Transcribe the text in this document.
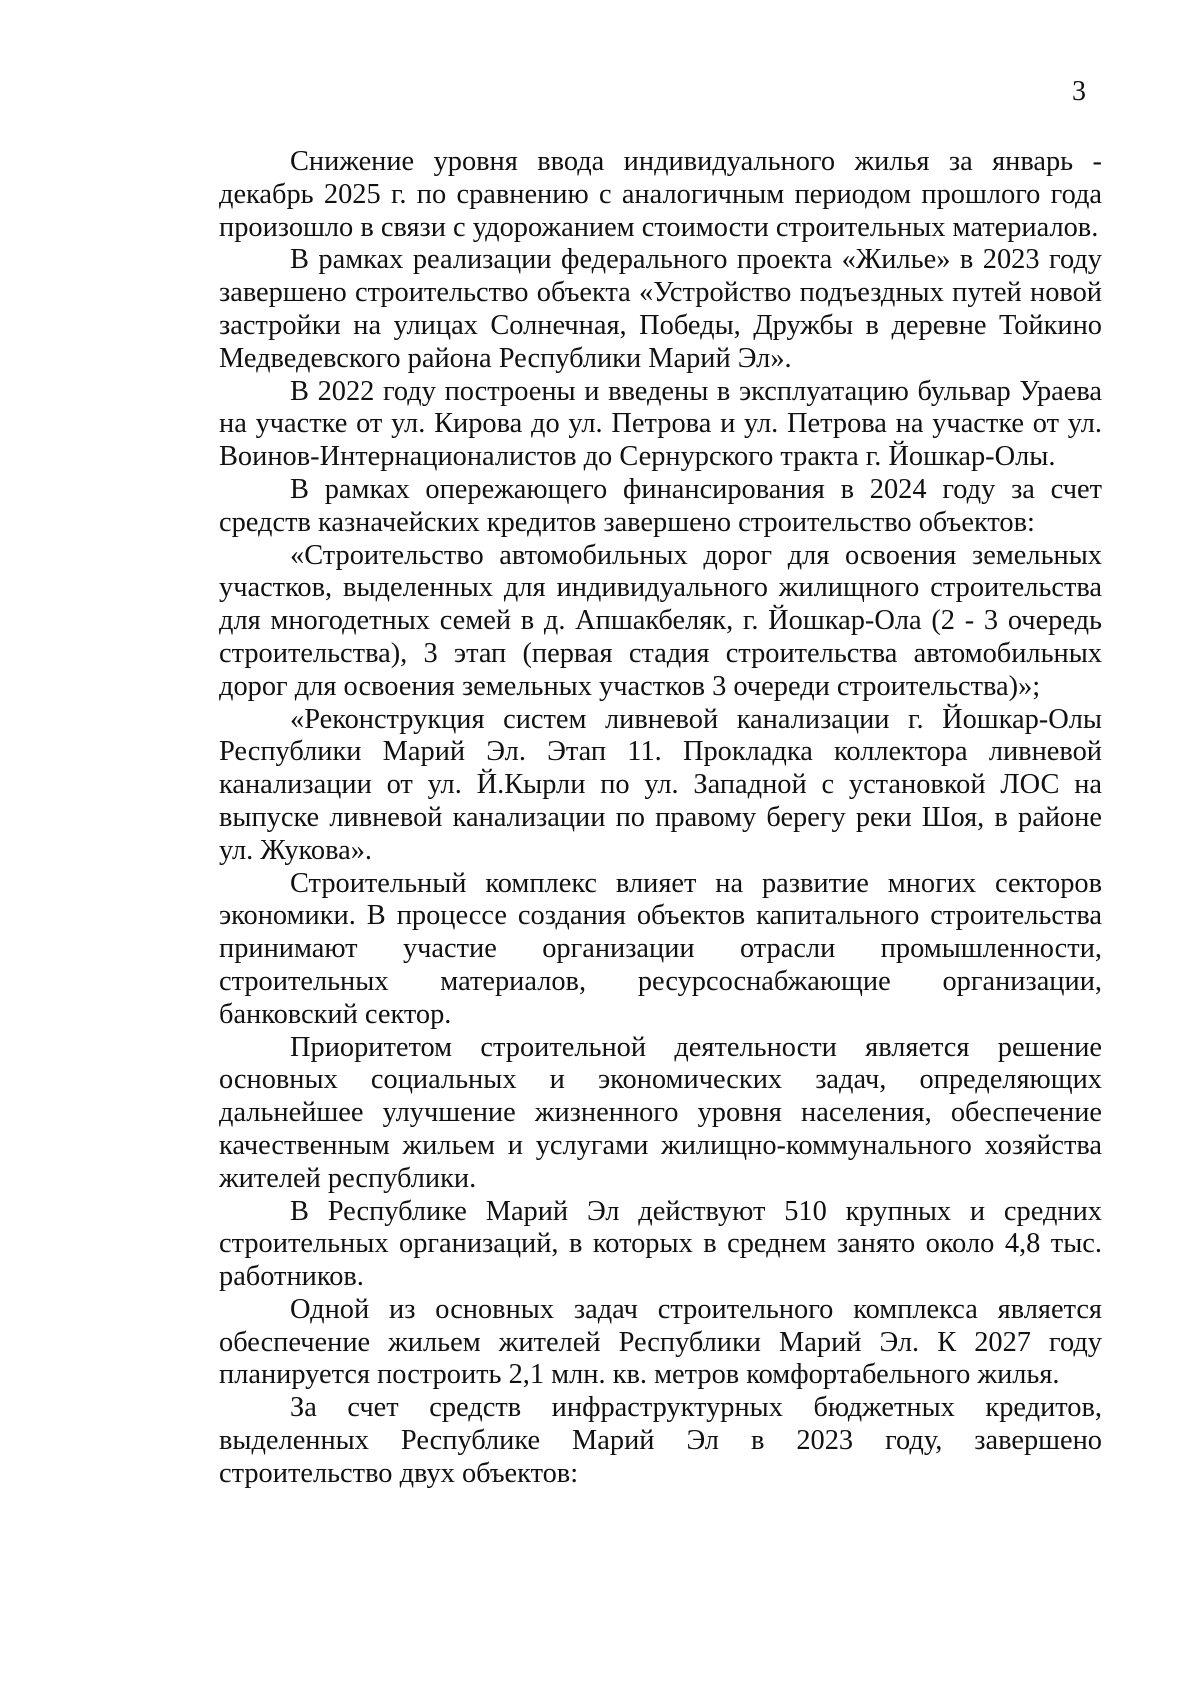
3

Снижение уровня ввода индивидуального жилья за январь - декабрь 2025 г. по сравнению с аналогичным периодом прошлого года произошло в связи с удорожанием стоимости строительных материалов.

В рамках реализации федерального проекта «Жилье» в 2023 году завершено строительство объекта «Устройство подъездных путей новой застройки на улицах Солнечная, Победы, Дружбы в деревне Тойкино Медведевского района Республики Марий Эл».

В 2022 году построены и введены в эксплуатацию бульвар Ураева на участке от ул. Кирова до ул. Петрова и ул. Петрова на участке от ул. Воинов-Интернационалистов до Сернурского тракта г. Йошкар-Олы.

В рамках опережающего финансирования в 2024 году за счет средств казначейских кредитов завершено строительство объектов:

«Строительство автомобильных дорог для освоения земельных участков, выделенных для индивидуального жилищного строительства для многодетных семей в д. Апшакбеляк, г. Йошкар-Ола (2 - 3 очередь строительства), 3 этап (первая стадия строительства автомобильных дорог для освоения земельных участков 3 очереди строительства)»;

«Реконструкция систем ливневой канализации г. Йошкар-Олы Республики Марий Эл. Этап 11. Прокладка коллектора ливневой канализации от ул. Й.Кырли по ул. Западной с установкой ЛОС на выпуске ливневой канализации по правому берегу реки Шоя, в районе ул. Жукова».

Строительный комплекс влияет на развитие многих секторов экономики. В процессе создания объектов капитального строительства принимают участие организации отрасли промышленности, строительных материалов, ресурсоснабжающие организации, банковский сектор.

Приоритетом строительной деятельности является решение основных социальных и экономических задач, определяющих дальнейшее улучшение жизненного уровня населения, обеспечение качественным жильем и услугами жилищно-коммунального хозяйства жителей республики.

В Республике Марий Эл действуют 510 крупных и средних строительных организаций, в которых в среднем занято около 4,8 тыс. работников.

Одной из основных задач строительного комплекса является обеспечение жильем жителей Республики Марий Эл. К 2027 году планируется построить 2,1 млн. кв. метров комфортабельного жилья.

За счет средств инфраструктурных бюджетных кредитов, выделенных Республике Марий Эл в 2023 году, завершено строительство двух объектов:
